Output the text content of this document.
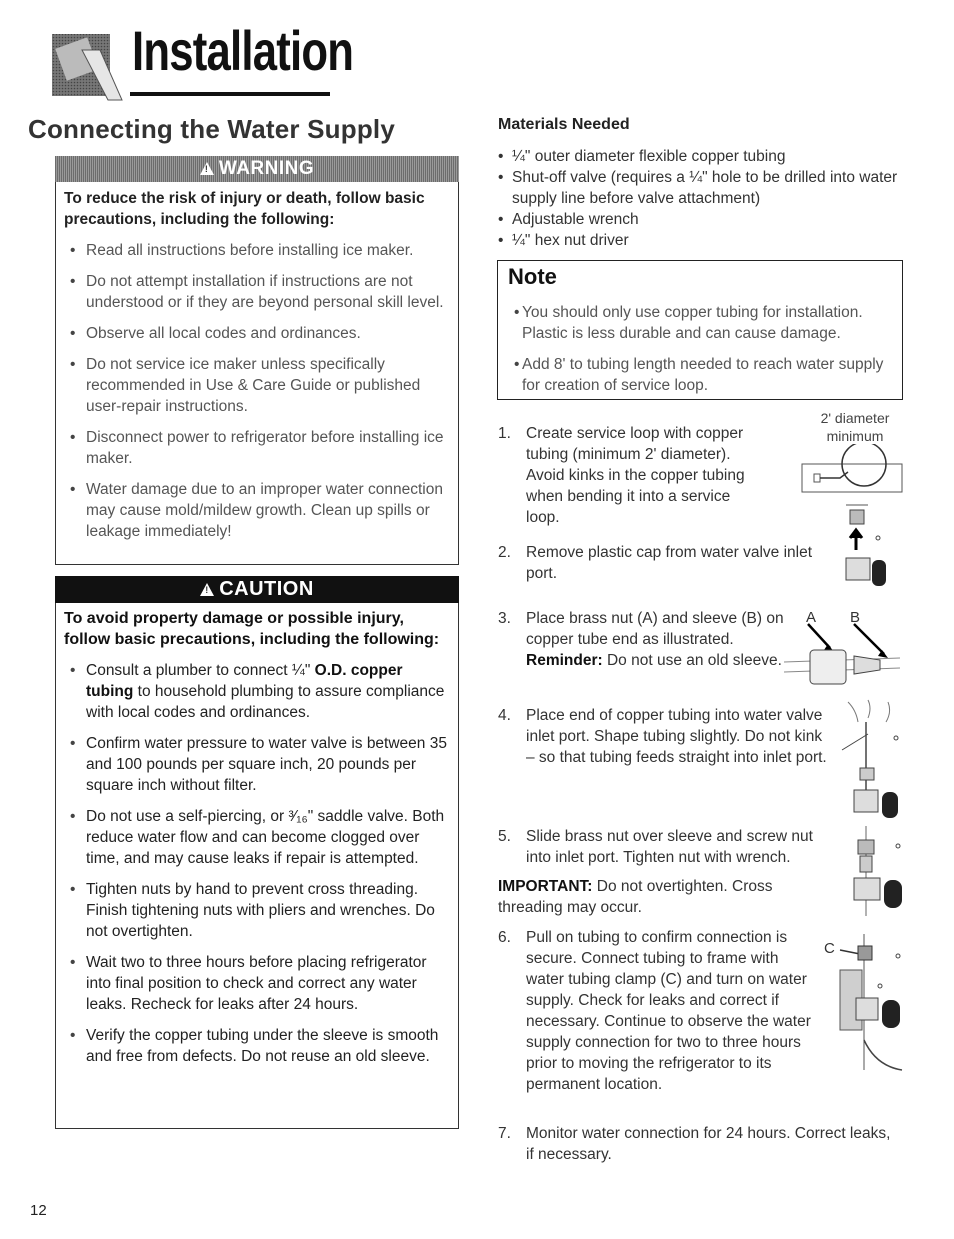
Installation
Connecting the Water Supply
!WARNING
To reduce the risk of injury or death, follow basic precautions, including the following:
• Read all instructions before installing ice maker.
• Do not attempt installation if instructions are not understood or if they are beyond personal skill level.
• Observe all local codes and ordinances.
• Do not service ice maker unless specifically recommended in Use & Care Guide or published user-repair instructions.
• Disconnect power to refrigerator before installing ice maker.
• Water damage due to an improper water connection may cause mold/mildew growth. Clean up spills or leakage immediately!
!CAUTION
To avoid property damage or possible injury, follow basic precautions, including the following:
• Consult a plumber to connect ¼" O.D. copper tubing to household plumbing to assure compliance with local codes and ordinances.
• Confirm water pressure to water valve is between 35 and 100 pounds per square inch, 20 pounds per square inch without filter.
• Do not use a self-piercing, or ³⁄₁₆" saddle valve. Both reduce water flow and can become clogged over time, and may cause leaks if repair is attempted.
• Tighten nuts by hand to prevent cross threading. Finish tightening nuts with pliers and wrenches. Do not overtighten.
• Wait two to three hours before placing refrigerator into final position to check and correct any water leaks. Recheck for leaks after 24 hours.
• Verify the copper tubing under the sleeve is smooth and free from defects. Do not reuse an old sleeve.
Materials Needed
• ¼" outer diameter flexible copper tubing
• Shut-off valve (requires a ¼" hole to be drilled into water supply line before valve attachment)
• Adjustable wrench
• ¼" hex nut driver
Note
• You should only use copper tubing for installation. Plastic is less durable and can cause damage.
• Add 8' to tubing length needed to reach water supply for creation of service loop.
1. Create service loop with copper tubing (minimum 2' diameter). Avoid kinks in the copper tubing when bending it into a service loop.
2. Remove plastic cap from water valve inlet port.
3. Place brass nut (A) and sleeve (B) on copper tube end as illustrated. Reminder: Do not use an old sleeve.
4. Place end of copper tubing into water valve inlet port. Shape tubing slightly. Do not kink – so that tubing feeds straight into inlet port.
5. Slide brass nut over sleeve and screw nut into inlet port. Tighten nut with wrench.
IMPORTANT: Do not overtighten. Cross threading may occur.
6. Pull on tubing to confirm connection is secure. Connect tubing to frame with water tubing clamp (C) and turn on water supply. Check for leaks and correct if necessary. Continue to observe the water supply connection for two to three hours prior to moving the refrigerator to its permanent location.
7. Monitor water connection for 24 hours. Correct leaks, if necessary.
2' diameter
minimum
A B
C
12
